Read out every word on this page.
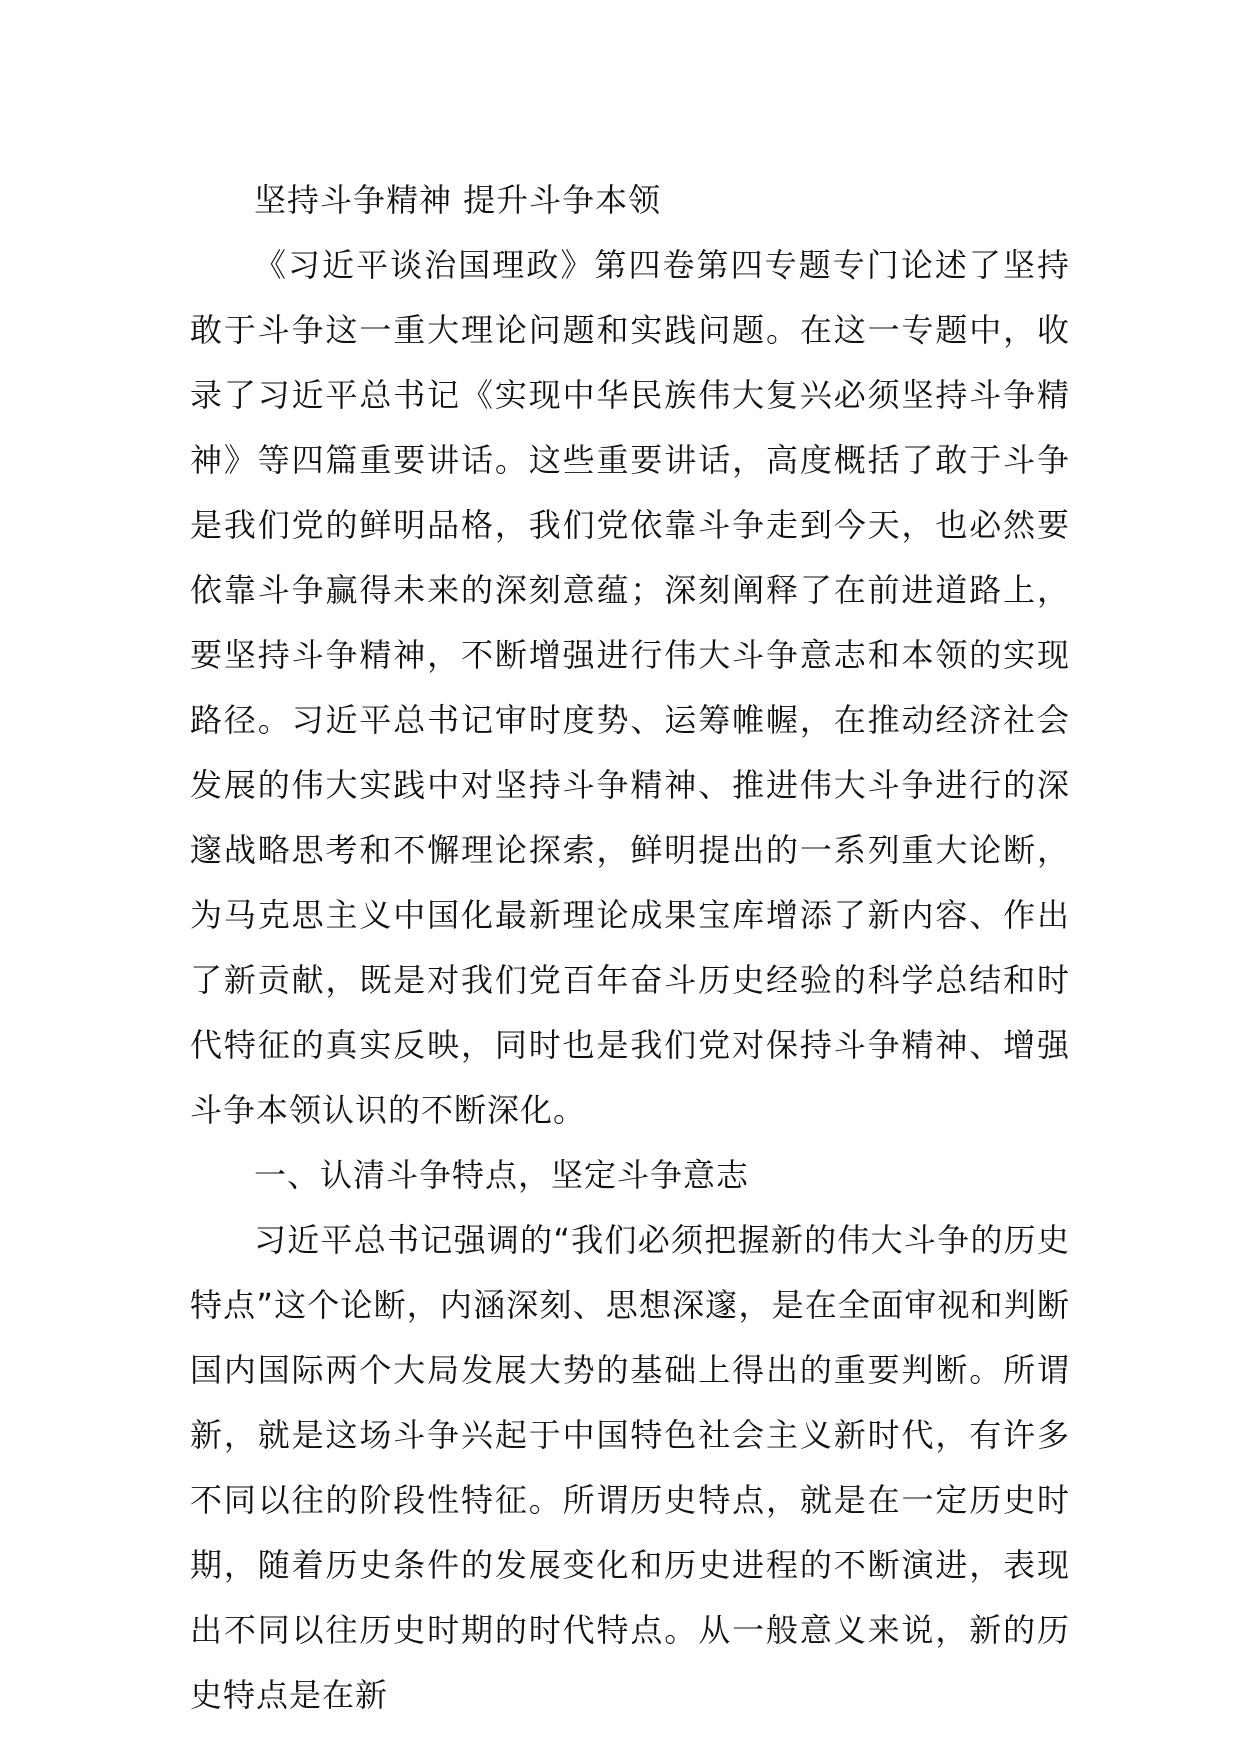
坚持斗争精神 提升斗争本领

《习近平谈治国理政》第四卷第四专题专门论述了坚持敢于斗争这一重大理论问题和实践问题。在这一专题中，收录了习近平总书记《实现中华民族伟大复兴必须坚持斗争精神》等四篇重要讲话。这些重要讲话，高度概括了敢于斗争是我们党的鲜明品格，我们党依靠斗争走到今天，也必然要依靠斗争赢得未来的深刻意蕴；深刻阐释了在前进道路上，要坚持斗争精神，不断增强进行伟大斗争意志和本领的实现路径。习近平总书记审时度势、运筹帷幄，在推动经济社会发展的伟大实践中对坚持斗争精神、推进伟大斗争进行的深邃战略思考和不懈理论探索，鲜明提出的一系列重大论断，为马克思主义中国化最新理论成果宝库增添了新内容、作出了新贡献，既是对我们党百年奋斗历史经验的科学总结和时代特征的真实反映，同时也是我们党对保持斗争精神、增强斗争本领认识的不断深化。

一、认清斗争特点，坚定斗争意志

习近平总书记强调的“我们必须把握新的伟大斗争的历史特点”这个论断，内涵深刻、思想深邃，是在全面审视和判断国内国际两个大局发展大势的基础上得出的重要判断。所谓新，就是这场斗争兴起于中国特色社会主义新时代，有许多不同以往的阶段性特征。所谓历史特点，就是在一定历史时期，随着历史条件的发展变化和历史进程的不断演进，表现出不同以往历史时期的时代特点。从一般意义来说，新的历史特点是在新
